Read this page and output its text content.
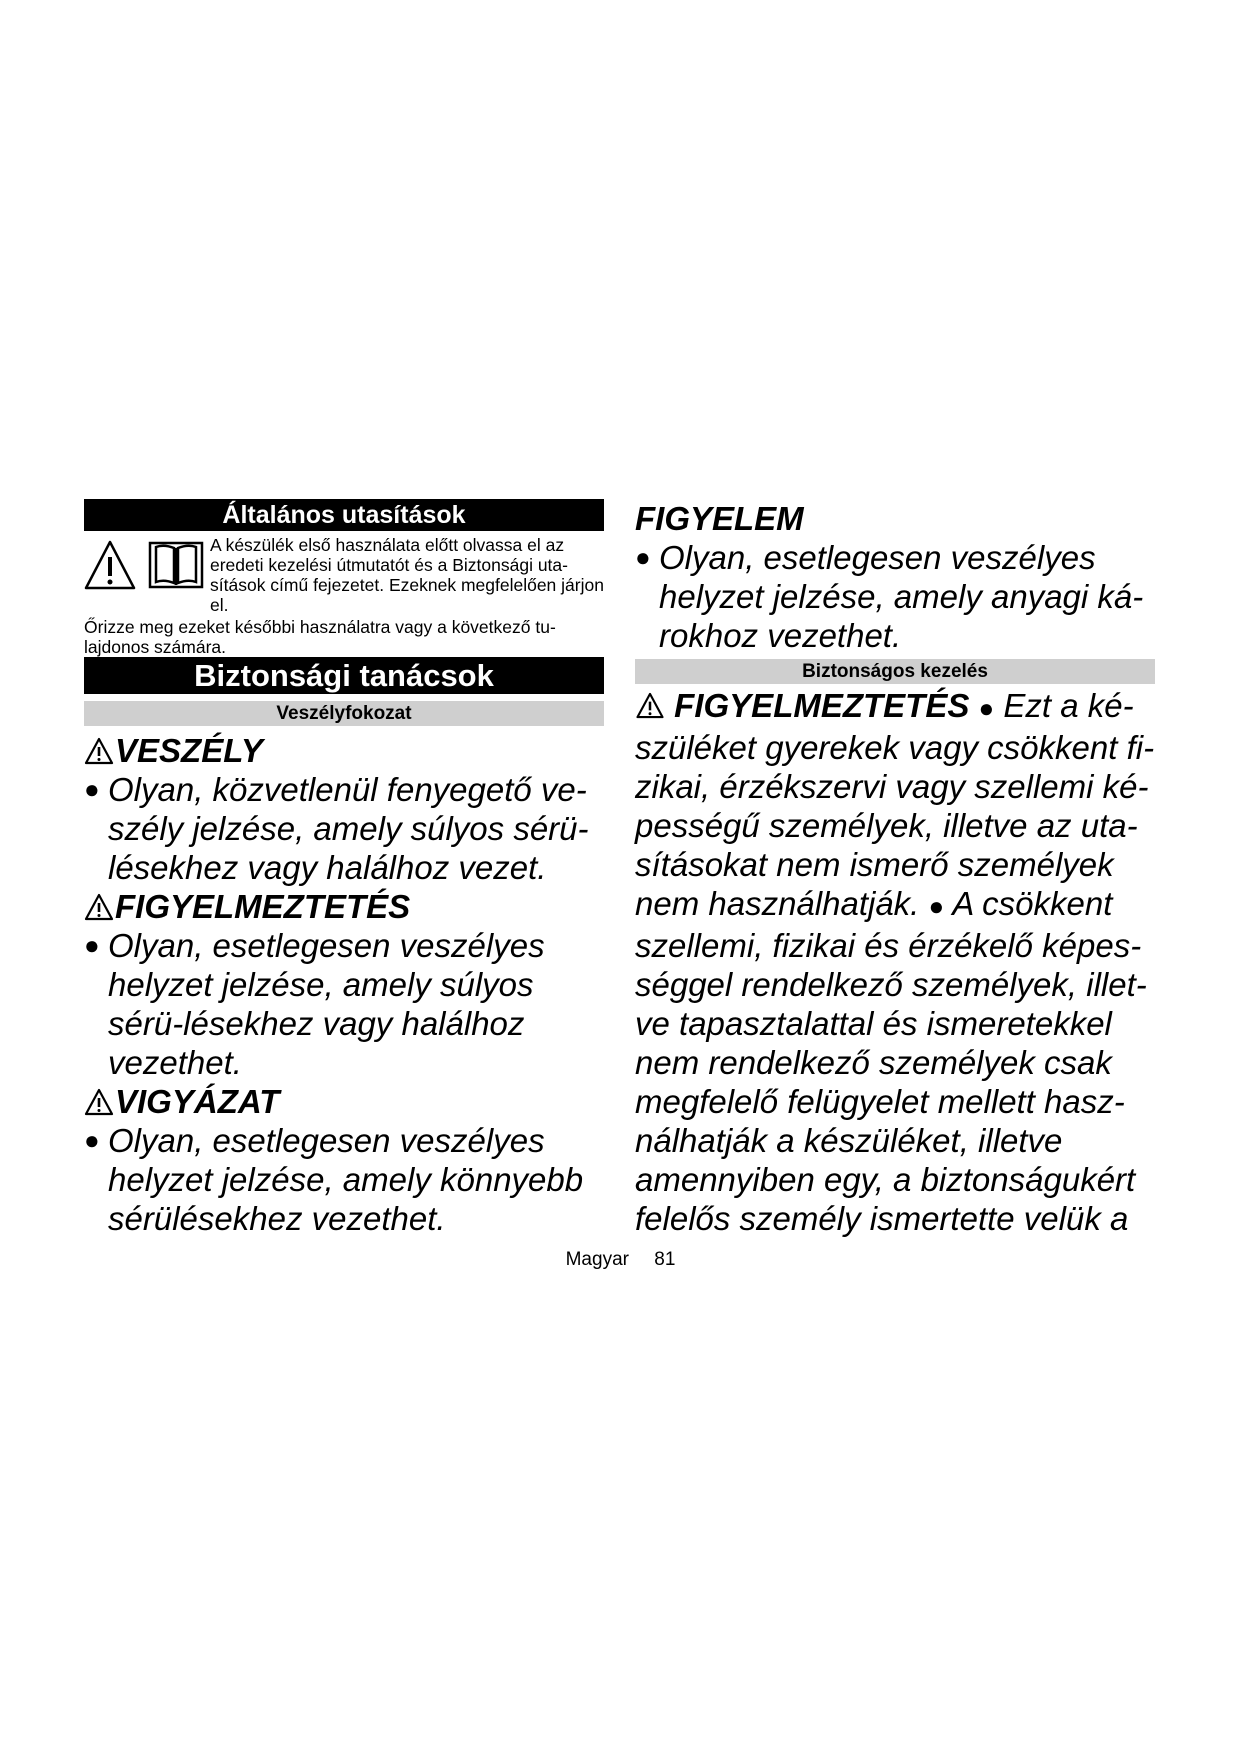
Általános utasítások
A készülék első használata előtt olvassa el az eredeti kezelési útmutatót és a Biztonsági uta-sítások című fejezetet. Ezeknek megfelelően járjon el.
Őrizze meg ezeket későbbi használatra vagy a következő tu-lajdonos számára.
Biztonsági tanácsok
Veszélyfokozat
VESZÉLY
● Olyan, közvetlenül fenyegető ve-szély jelzése, amely súlyos sérü-lésekhez vagy halálhoz vezet.
FIGYELMEZTETÉS
● Olyan, esetlegesen veszélyes helyzet jelzése, amely súlyos sérü-lésekhez vagy halálhoz vezethet.
VIGYÁZAT
● Olyan, esetlegesen veszélyes helyzet jelzése, amely könnyebb sérülésekhez vezethet.
FIGYELEM
● Olyan, esetlegesen veszélyes helyzet jelzése, amely anyagi ká-rokhoz vezethet.
Biztonságos kezelés
FIGYELMEZTETÉS ● Ezt a ké-szüléket gyerekek vagy csökkent fi-zikai, érzékszervi vagy szellemi ké-pességű személyek, illetve az uta-sításokat nem ismerő személyek nem használhatják. ● A csökkent szellemi, fizikai és érzékelő képes-séggel rendelkező személyek, illet-ve tapasztalattal és ismeretekkel nem rendelkező személyek csak megfelelő felügyelet mellett hasz-nálhatják a készüléket, illetve amennyiben egy, a biztonságukért felelős személy ismertette velük a
Magyar 81
